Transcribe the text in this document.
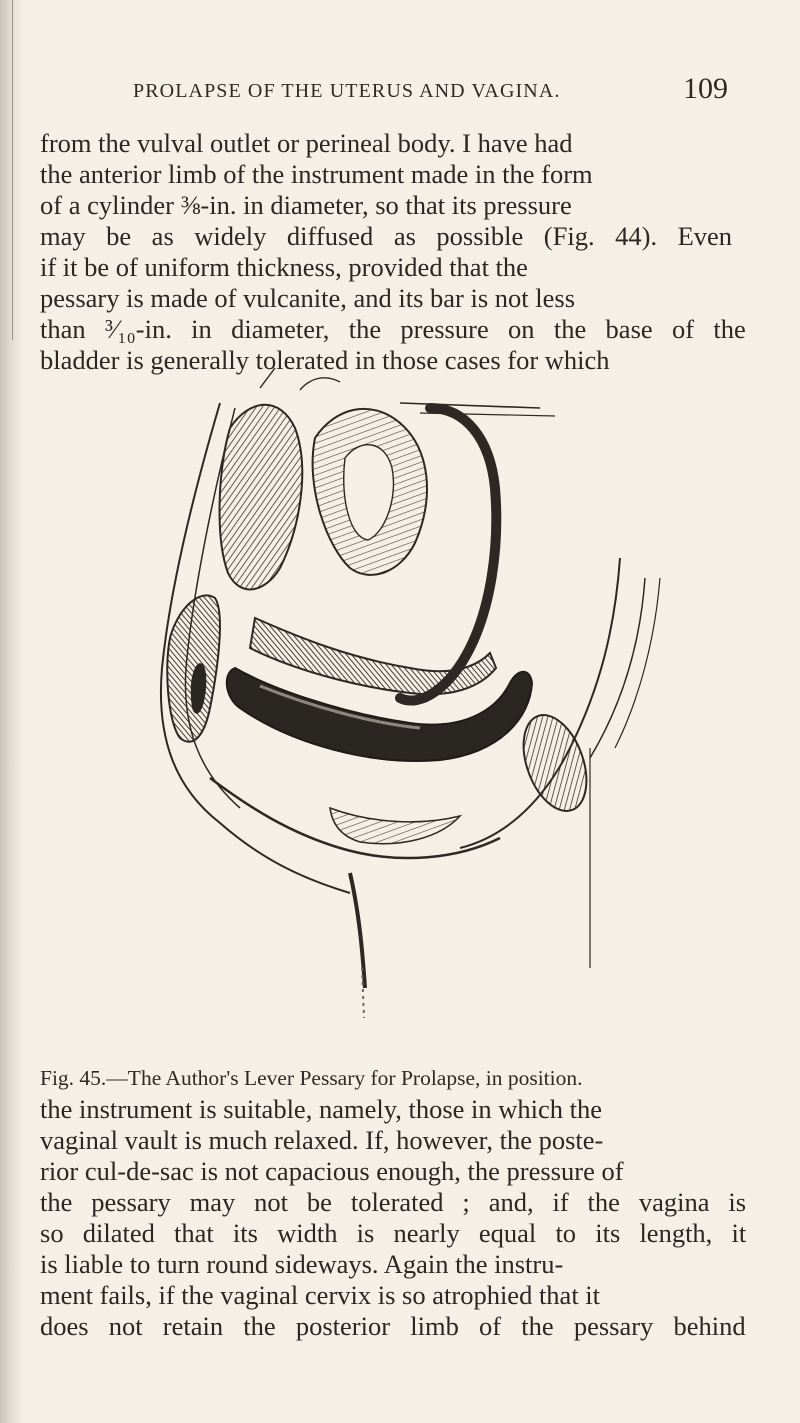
PROLAPSE OF THE UTERUS AND VAGINA.	109
from the vulval outlet or perineal body. I have had
the anterior limb of the instrument made in the form
of a cylinder ⅜-in. in diameter, so that its pressure
may be as widely diffused as possible (Fig. 44). Even
if it be of uniform thickness, provided that the
pessary is made of vulcanite, and its bar is not less
than ³⁄₁₀-in. in diameter, the pressure on the base of the
bladder is generally tolerated in those cases for which
Fig. 45.—The Author's Lever Pessary for Prolapse, in position.
the instrument is suitable, namely, those in which the
vaginal vault is much relaxed. If, however, the poste-
rior cul-de-sac is not capacious enough, the pressure of
the pessary may not be tolerated ; and, if the vagina is
so dilated that its width is nearly equal to its length, it
is liable to turn round sideways. Again the instru-
ment fails, if the vaginal cervix is so atrophied that it
does not retain the posterior limb of the pessary behind
